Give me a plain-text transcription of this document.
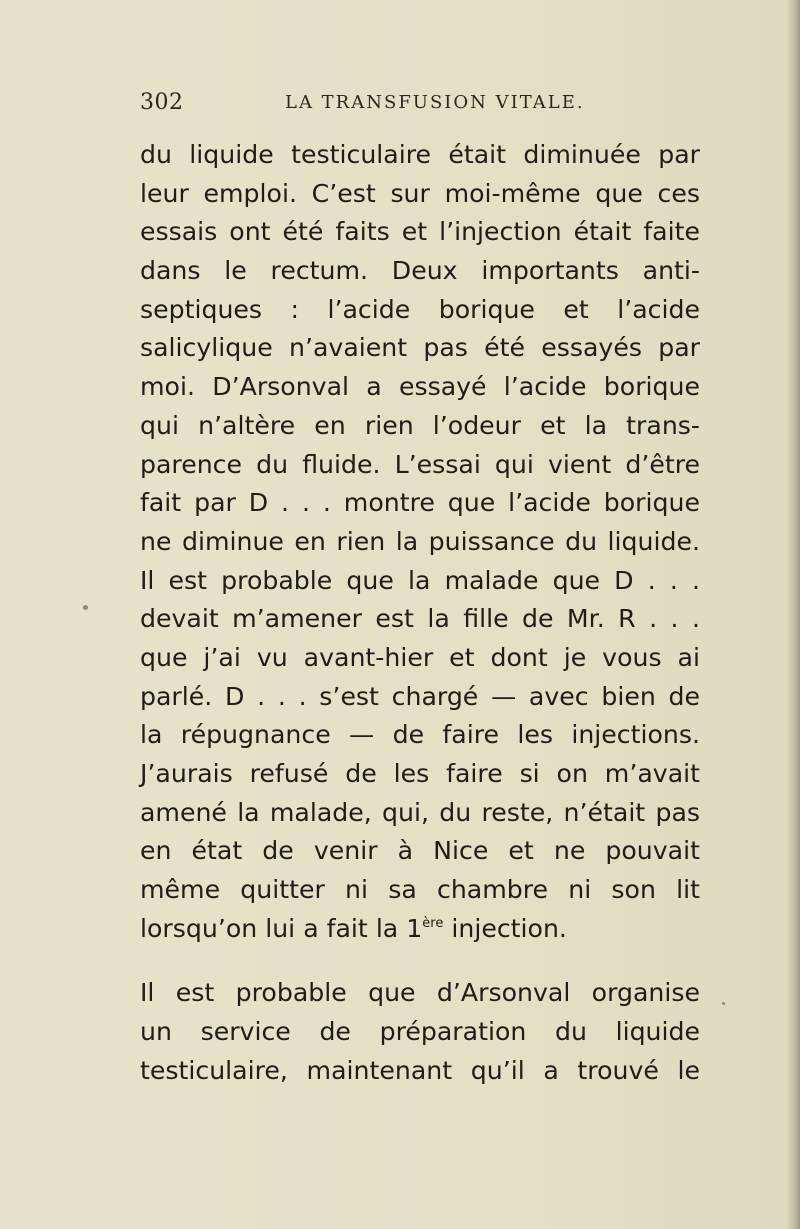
302	LA TRANSFUSION VITALE.
du liquide testiculaire était diminuée par
leur emploi. C’est sur moi-même que ces
essais ont été faits et l’injection était faite
dans le rectum. Deux importants anti-
septiques : l’acide borique et l’acide
salicylique n’avaient pas été essayés par
moi. D’Arsonval a essayé l’acide borique
qui n’altère en rien l’odeur et la trans-
parence du fluide. L’essai qui vient d’être
fait par D . . . montre que l’acide borique
ne diminue en rien la puissance du liquide.
Il est probable que la malade que D . . .
devait m’amener est la fille de Mr. R . . .
que j’ai vu avant-hier et dont je vous ai
parlé. D . . . s’est chargé — avec bien de
la répugnance — de faire les injections.
J’aurais refusé de les faire si on m’avait
amené la malade, qui, du reste, n’était pas
en état de venir à Nice et ne pouvait
même quitter ni sa chambre ni son lit
lorsqu’on lui a fait la 1ère injection.
Il est probable que d’Arsonval organise
un service de préparation du liquide
testiculaire, maintenant qu’il a trouvé le
